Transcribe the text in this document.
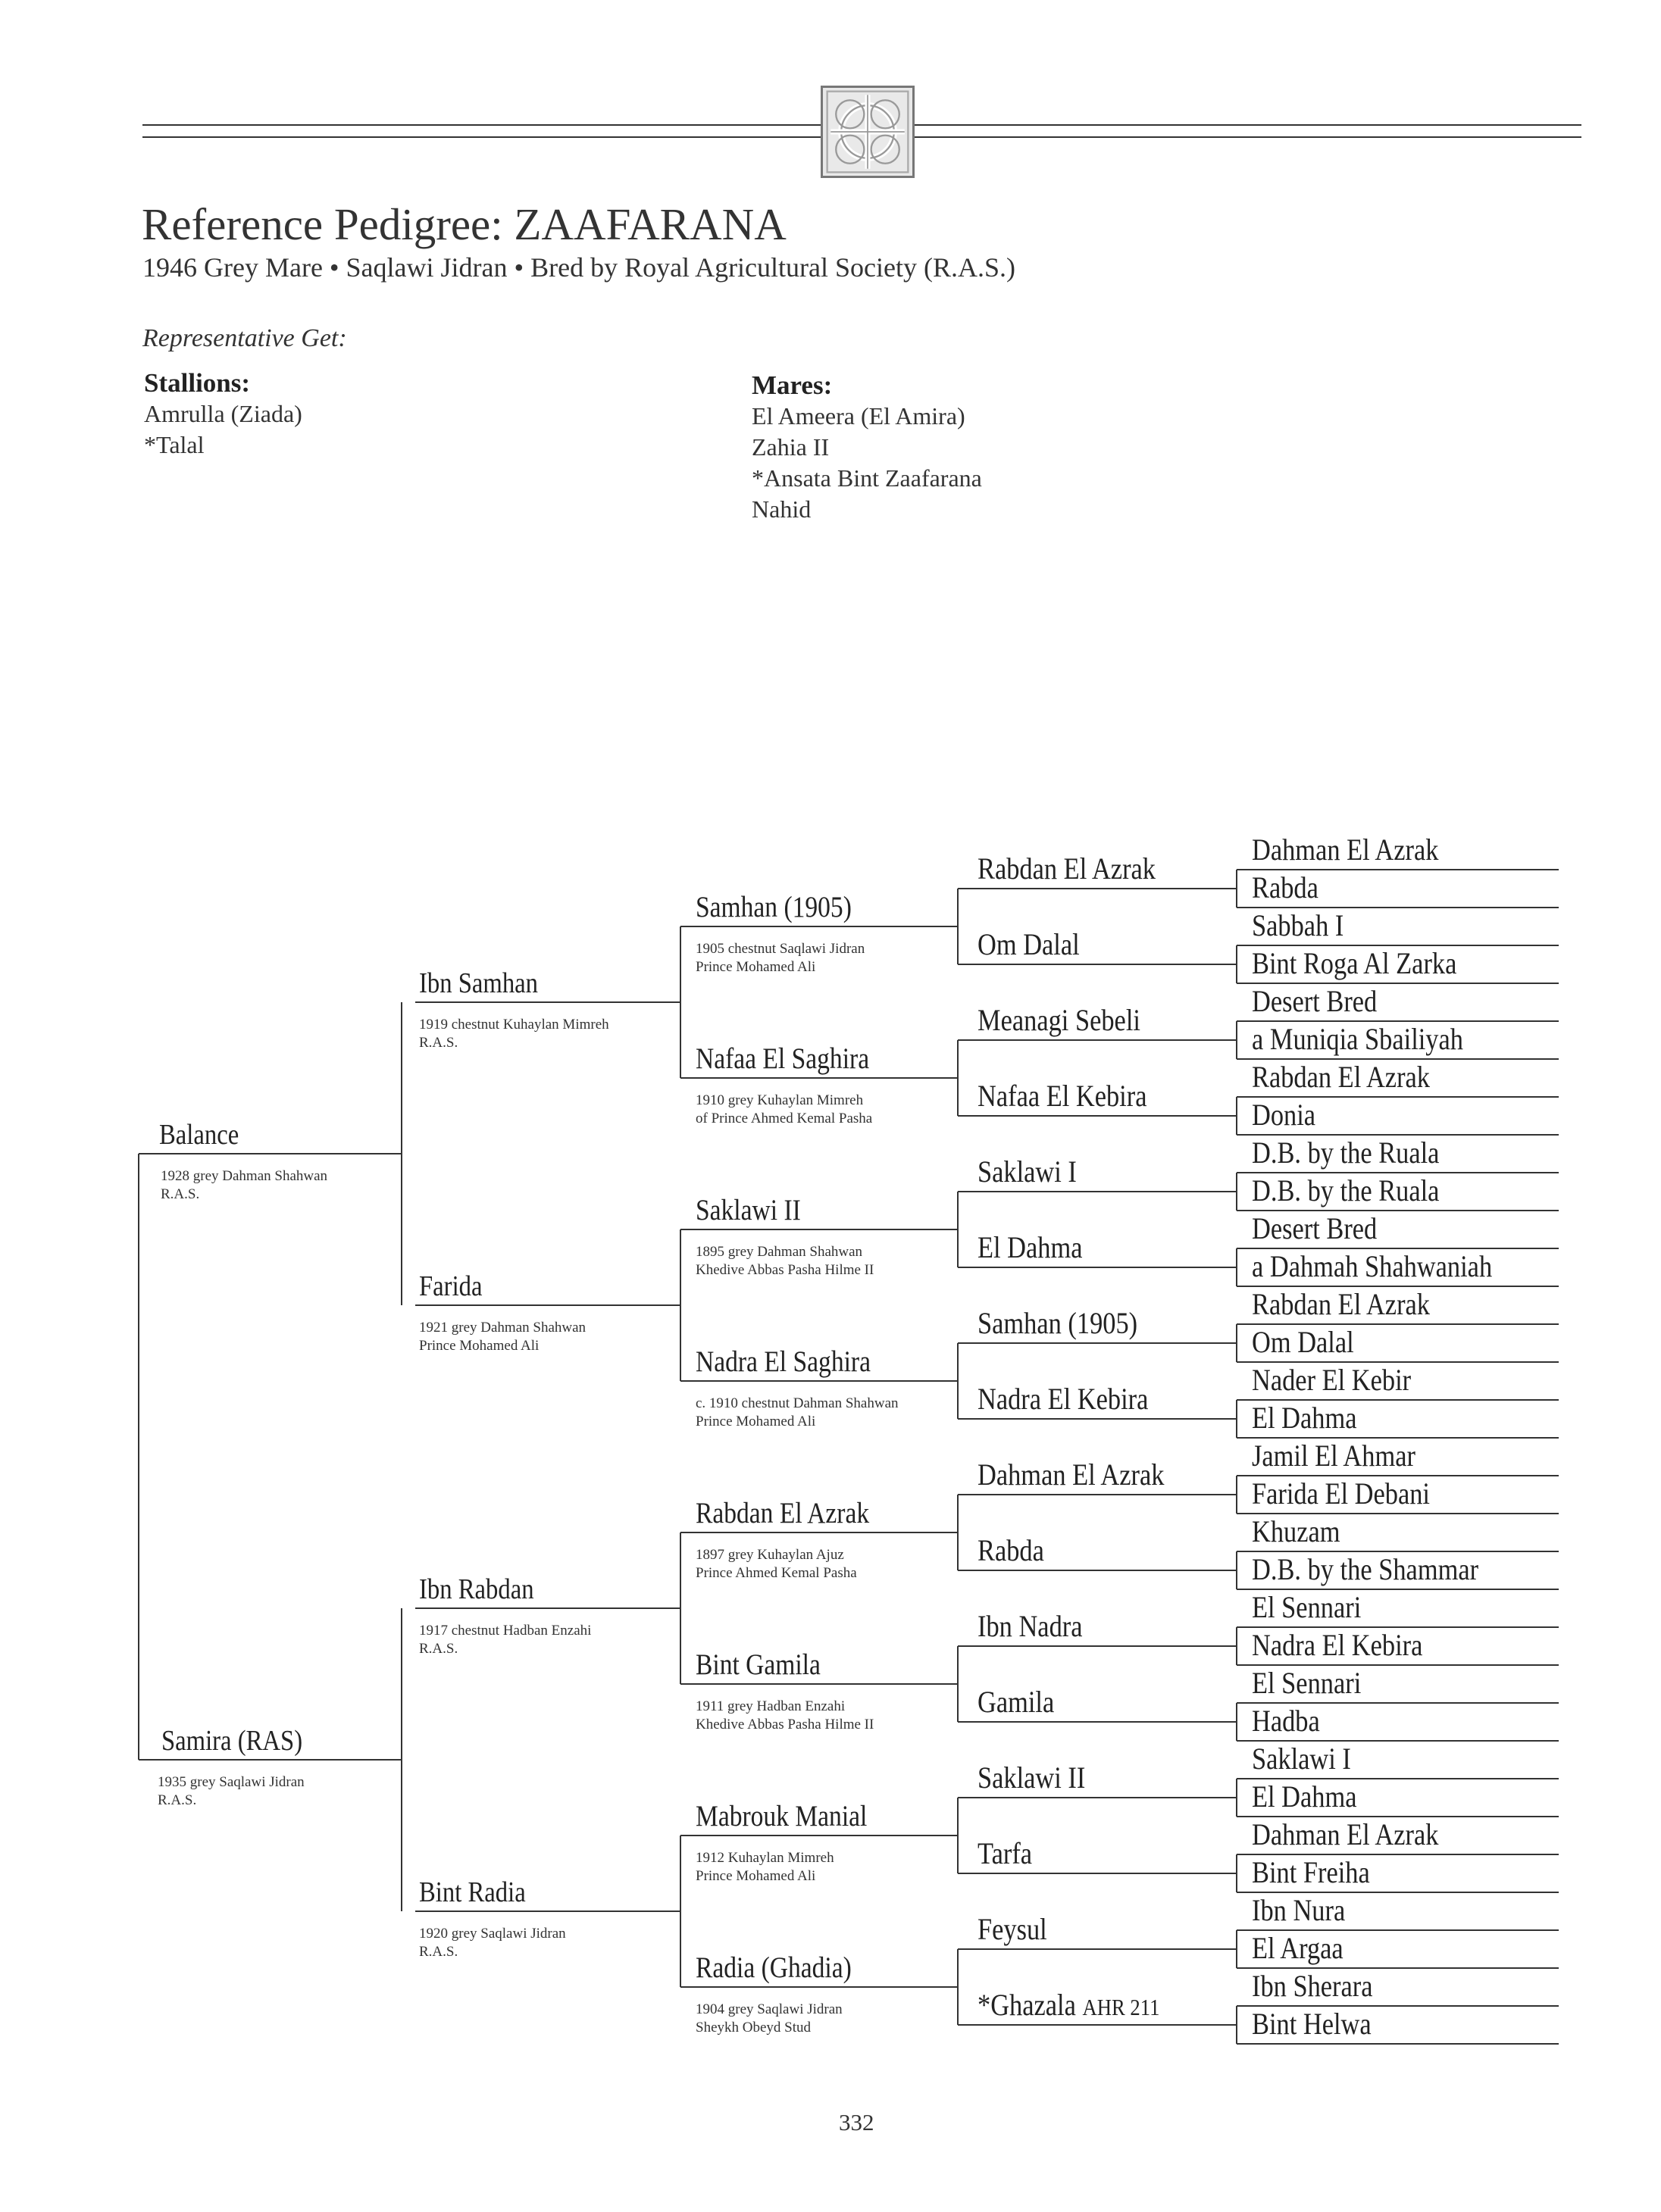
Reference Pedigree: ZAAFARANA
1946 Grey Mare • Saqlawi Jidran • Bred by Royal Agricultural Society (R.A.S.)
Representative Get:
Stallions:
Amrulla (Ziada)
*Talal
Mares:
El Ameera (El Amira)
Zahia II
*Ansata Bint Zaafarana
Nahid
Balance
1928 grey Dahman Shahwan
R.A.S.
Samira (RAS)
1935 grey Saqlawi Jidran
R.A.S.
Ibn Samhan
1919 chestnut Kuhaylan Mimreh
R.A.S.
Farida
1921 grey Dahman Shahwan
Prince Mohamed Ali
Ibn Rabdan
1917 chestnut Hadban Enzahi
R.A.S.
Bint Radia
1920 grey Saqlawi Jidran
R.A.S.
Samhan (1905)
1905 chestnut Saqlawi Jidran
Prince Mohamed Ali
Nafaa El Saghira
1910 grey Kuhaylan Mimreh
of Prince Ahmed Kemal Pasha
Saklawi II
1895 grey Dahman Shahwan
Khedive Abbas Pasha Hilme II
Nadra El Saghira
c. 1910 chestnut Dahman Shahwan
Prince Mohamed Ali
Rabdan El Azrak
1897 grey Kuhaylan Ajuz
Prince Ahmed Kemal Pasha
Bint Gamila
1911 grey Hadban Enzahi
Khedive Abbas Pasha Hilme II
Mabrouk Manial
1912 Kuhaylan Mimreh
Prince Mohamed Ali
Radia (Ghadia)
1904 grey Saqlawi Jidran
Sheykh Obeyd Stud
Rabdan El Azrak
Om Dalal
Meanagi Sebeli
Nafaa El Kebira
Saklawi I
El Dahma
Samhan (1905)
Nadra El Kebira
Dahman El Azrak
Rabda
Ibn Nadra
Gamila
Saklawi II
Tarfa
Feysul
*Ghazala AHR 211
Dahman El Azrak
Rabda
Sabbah I
Bint Roga Al Zarka
Desert Bred
a Muniqia Sbailiyah
Rabdan El Azrak
Donia
D.B. by the Ruala
D.B. by the Ruala
Desert Bred
a Dahmah Shahwaniah
Rabdan El Azrak
Om Dalal
Nader El Kebir
El Dahma
Jamil El Ahmar
Farida El Debani
Khuzam
D.B. by the Shammar
El Sennari
Nadra El Kebira
El Sennari
Hadba
Saklawi I
El Dahma
Dahman El Azrak
Bint Freiha
Ibn Nura
El Argaa
Ibn Sherara
Bint Helwa
332
